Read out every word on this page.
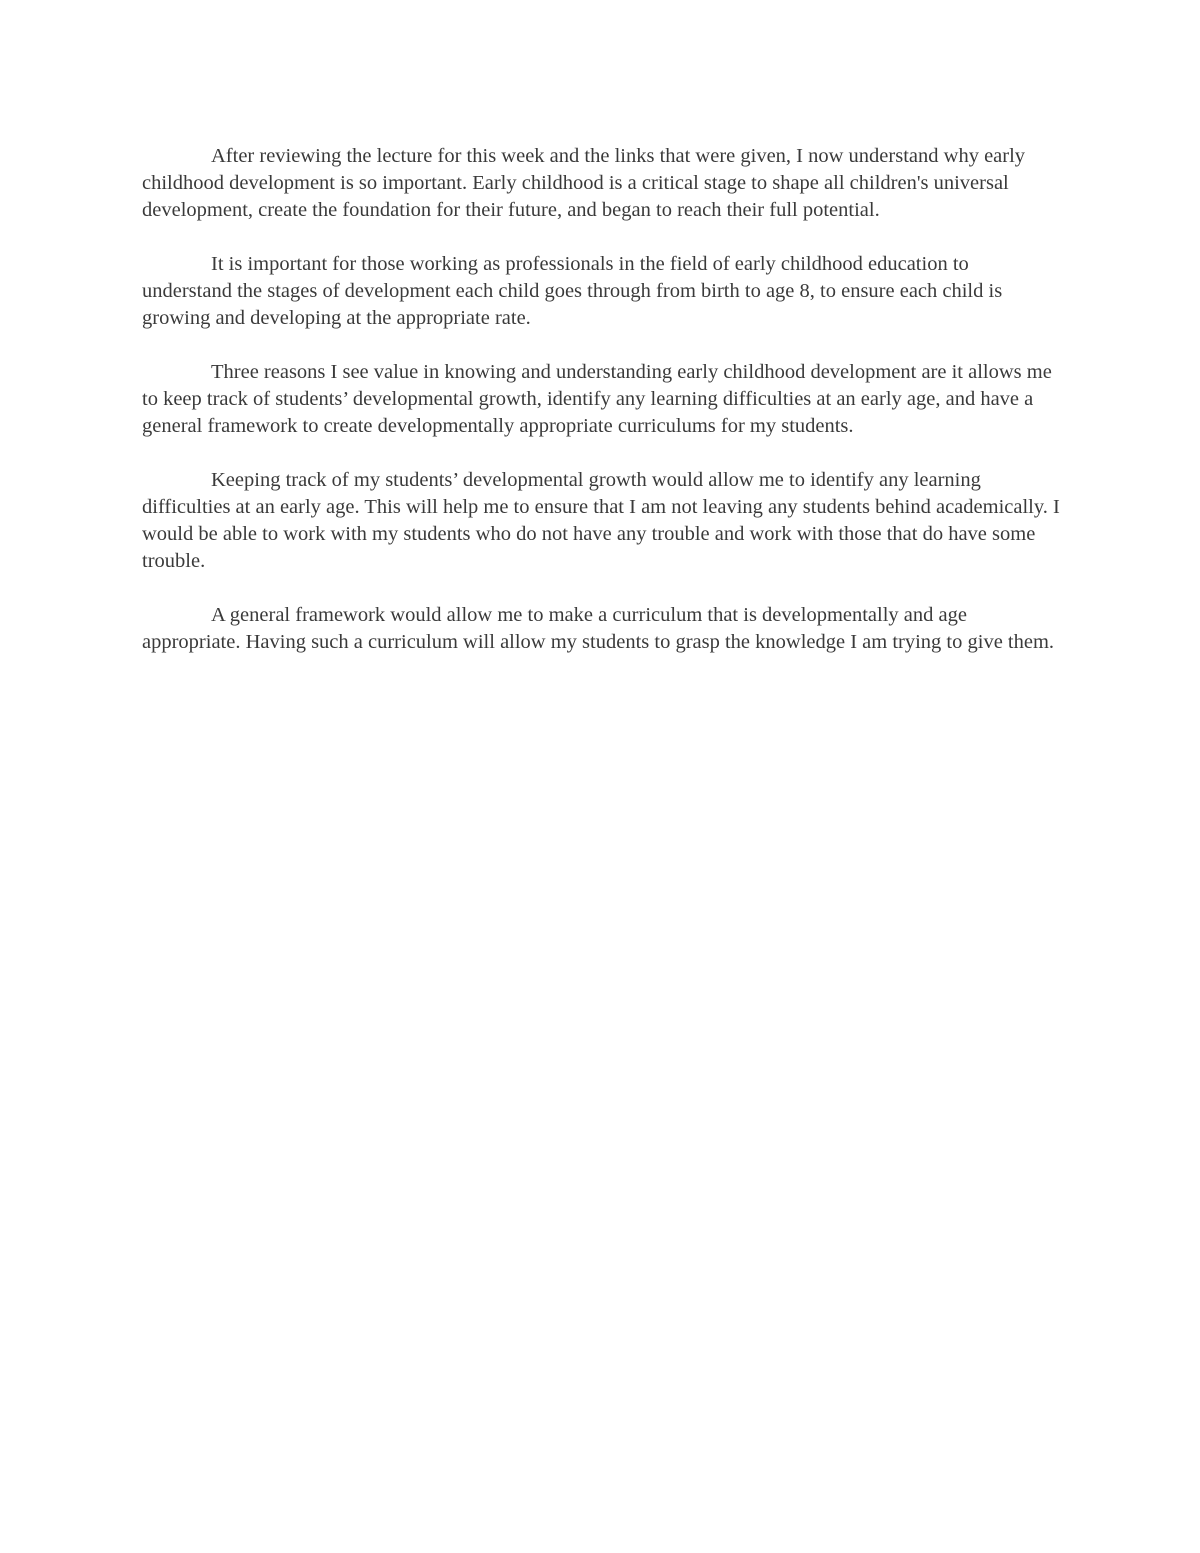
After reviewing the lecture for this week and the links that were given, I now understand why early childhood development is so important. Early childhood is a critical stage to shape all children's universal development, create the foundation for their future, and began to reach their full potential.

It is important for those working as professionals in the field of early childhood education to understand the stages of development each child goes through from birth to age 8, to ensure each child is growing and developing at the appropriate rate.

Three reasons I see value in knowing and understanding early childhood development are it allows me to keep track of students’ developmental growth, identify any learning difficulties at an early age, and have a general framework to create developmentally appropriate curriculums for my students.

Keeping track of my students’ developmental growth would allow me to identify any learning difficulties at an early age. This will help me to ensure that I am not leaving any students behind academically. I would be able to work with my students who do not have any trouble and work with those that do have some trouble.

A general framework would allow me to make a curriculum that is developmentally and age appropriate. Having such a curriculum will allow my students to grasp the knowledge I am trying to give them.
